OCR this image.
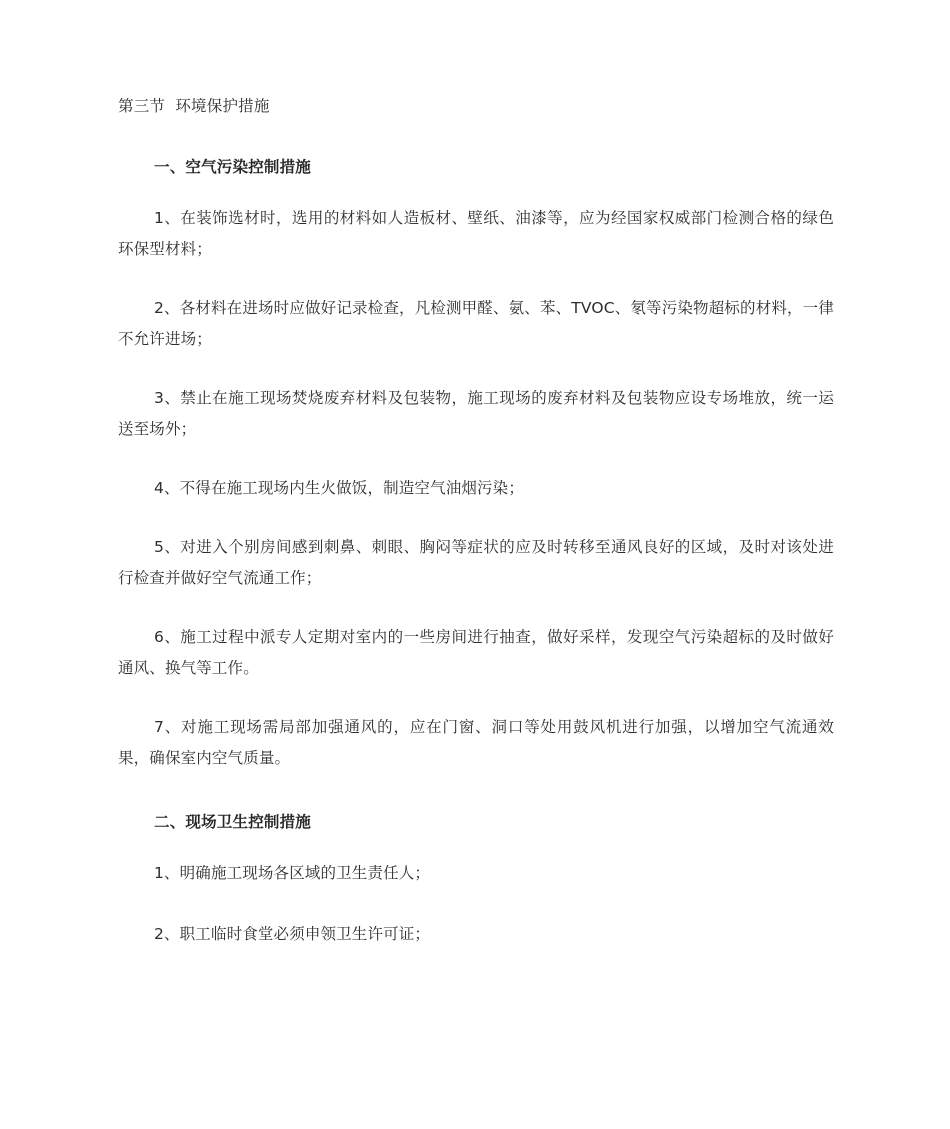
第三节  环境保护措施

一、空气污染控制措施

1、在装饰选材时，选用的材料如人造板材、壁纸、油漆等，应为经国家权威部门检测合格的绿色环保型材料；

2、各材料在进场时应做好记录检查，凡检测甲醛、氨、苯、TVOC、氡等污染物超标的材料，一律不允许进场；

3、禁止在施工现场焚烧废弃材料及包装物，施工现场的废弃材料及包装物应设专场堆放，统一运送至场外；

4、不得在施工现场内生火做饭，制造空气油烟污染；

5、对进入个别房间感到刺鼻、刺眼、胸闷等症状的应及时转移至通风良好的区域，及时对该处进行检查并做好空气流通工作；

6、施工过程中派专人定期对室内的一些房间进行抽查，做好采样，发现空气污染超标的及时做好通风、换气等工作。

7、对施工现场需局部加强通风的，应在门窗、洞口等处用鼓风机进行加强，以增加空气流通效果，确保室内空气质量。

二、现场卫生控制措施

1、明确施工现场各区域的卫生责任人；

2、职工临时食堂必须申领卫生许可证；
